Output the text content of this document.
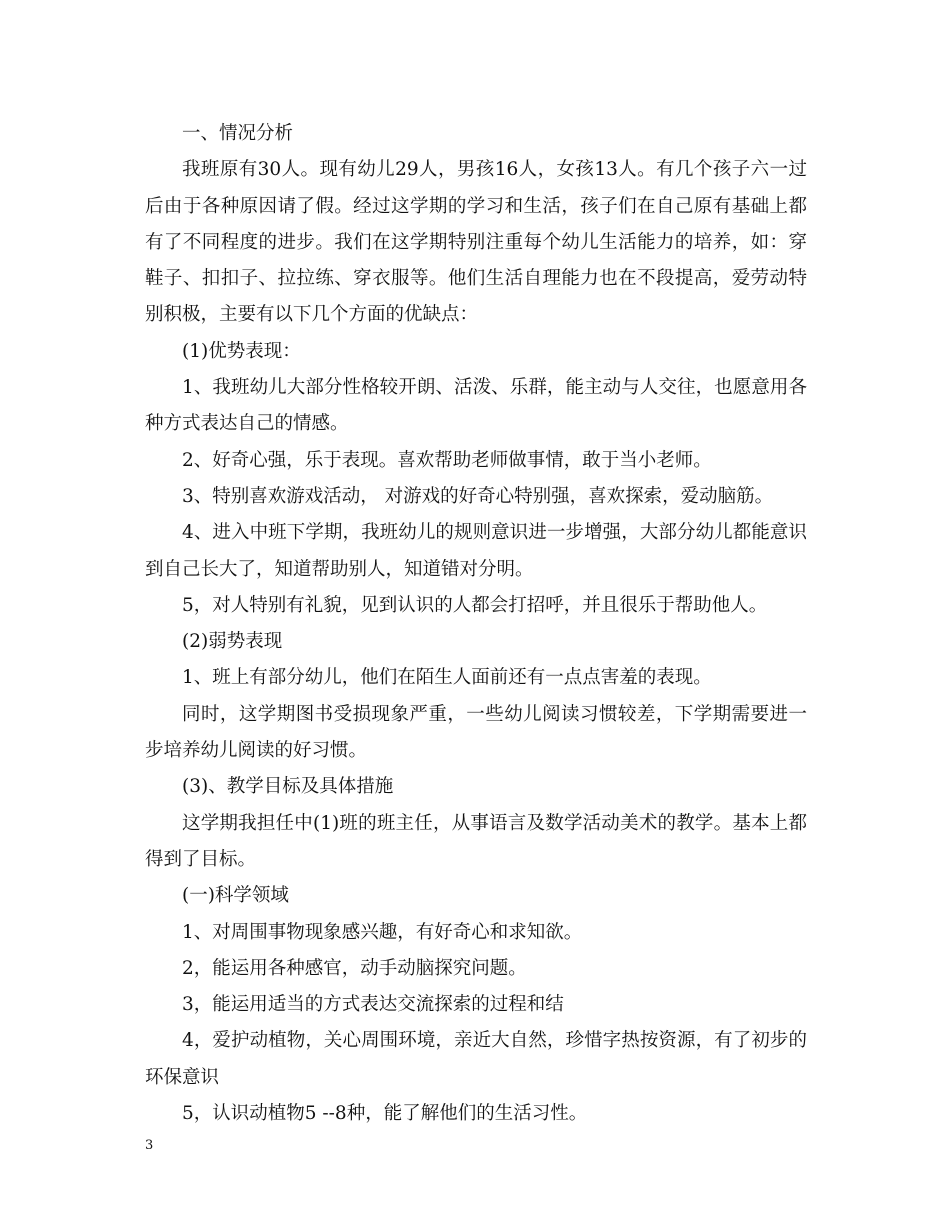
一、情况分析

我班原有30人。现有幼儿29人，男孩16人，女孩13人。有几个孩子六一过后由于各种原因请了假。经过这学期的学习和生活，孩子们在自己原有基础上都有了不同程度的进步。我们在这学期特别注重每个幼儿生活能力的培养，如：穿鞋子、扣扣子、拉拉练、穿衣服等。他们生活自理能力也在不段提高，爱劳动特别积极，主要有以下几个方面的优缺点：

(1)优势表现：

1、我班幼儿大部分性格较开朗、活泼、乐群，能主动与人交往，也愿意用各种方式表达自己的情感。

2、好奇心强，乐于表现。喜欢帮助老师做事情，敢于当小老师。

3、特别喜欢游戏活动， 对游戏的好奇心特别强，喜欢探索，爱动脑筋。

4、进入中班下学期，我班幼儿的规则意识进一步增强，大部分幼儿都能意识到自己长大了，知道帮助别人，知道错对分明。

5，对人特别有礼貌，见到认识的人都会打招呼，并且很乐于帮助他人。

(2)弱势表现

1、班上有部分幼儿，他们在陌生人面前还有一点点害羞的表现。

同时，这学期图书受损现象严重，一些幼儿阅读习惯较差，下学期需要进一步培养幼儿阅读的好习惯。

(3)、教学目标及具体措施

这学期我担任中(1)班的班主任，从事语言及数学活动美术的教学。基本上都得到了目标。

(一)科学领域

1、对周围事物现象感兴趣，有好奇心和求知欲。

2，能运用各种感官，动手动脑探究问题。

3，能运用适当的方式表达交流探索的过程和结

4，爱护动植物，关心周围环境，亲近大自然，珍惜字热按资源，有了初步的环保意识

5，认识动植物5 --8种，能了解他们的生活习性。

3
